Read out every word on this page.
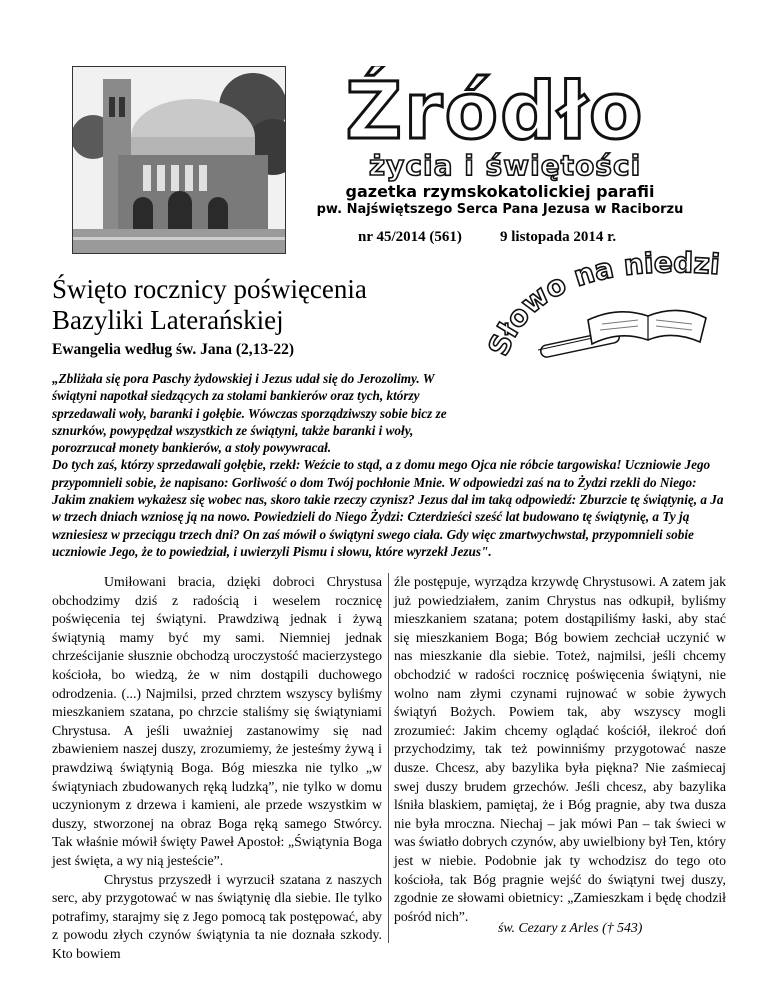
Źródło
życia i świętości
gazetka rzymskokatolickiej parafii
pw. Najświętszego Serca Pana Jezusa w Raciborzu
nr 45/2014 (561)	9 listopada 2014 r.
Święto rocznicy poświęcenia
Bazyliki Laterańskiej
Ewangelia według św. Jana (2,13-22)	Słowo na niedzi
„Zbliżała się pora Paschy żydowskiej i Jezus udał się do Jerozolimy. W świątyni napotkał siedzących za stołami bankierów oraz tych, którzy sprzedawali woły, baranki i gołębie. Wówczas sporządziwszy sobie bicz ze sznurków, powypędzał wszystkich ze świątyni, także baranki i woły, porozrzucał monety bankierów, a stoły powywracał.
Do tych zaś, którzy sprzedawali gołębie, rzekł: Weźcie to stąd, a z domu mego Ojca nie róbcie targowiska! Uczniowie Jego przypomnieli sobie, że napisano: Gorliwość o dom Twój pochłonie Mnie. W odpowiedzi zaś na to Żydzi rzekli do Niego: Jakim znakiem wykażesz się wobec nas, skoro takie rzeczy czynisz? Jezus dał im taką odpowiedź: Zburzcie tę świątynię, a Ja w trzech dniach wzniosę ją na nowo. Powiedzieli do Niego Żydzi: Czterdzieści sześć lat budowano tę świątynię, a Ty ją wzniesiesz w przeciągu trzech dni? On zaś mówił o świątyni swego ciała. Gdy więc zmartwychwstał, przypomnieli sobie uczniowie Jego, że to powiedział, i uwierzyli Pismu i słowu, które wyrzekł Jezus".

Umiłowani bracia, dzięki dobroci Chrystusa obchodzimy dziś z radością i weselem rocznicę poświęcenia tej świątyni. Prawdziwą jednak i żywą świątynią mamy być my sami. Niemniej jednak chrześcijanie słusznie obchodzą uroczystość macierzystego kościoła, bo wiedzą, że w nim dostąpili duchowego odrodzenia. (...) Najmilsi, przed chrztem wszyscy byliśmy mieszkaniem szatana, po chrzcie staliśmy się świątyniami Chrystusa. A jeśli uważniej zastanowimy się nad zbawieniem naszej duszy, zrozumiemy, że jesteśmy żywą i prawdziwą świątynią Boga. Bóg mieszka nie tylko „w świątyniach zbudowanych ręką ludzką”, nie tylko w domu uczynionym z drzewa i kamieni, ale przede wszystkim w duszy, stworzonej na obraz Boga ręką samego Stwórcy. Tak właśnie mówił święty Paweł Apostoł: „Świątynia Boga jest święta, a wy nią jesteście”.

Chrystus przyszedł i wyrzucił szatana z naszych serc, aby przygotować w nas świątynię dla siebie. Ile tylko potrafimy, starajmy się z Jego pomocą tak postępować, aby z powodu złych czynów świątynia ta nie doznała szkody. Kto bowiem

źle postępuje, wyrządza krzywdę Chrystusowi. A zatem jak już powiedziałem, zanim Chrystus nas odkupił, byliśmy mieszkaniem szatana; potem dostąpiliśmy łaski, aby stać się mieszkaniem Boga; Bóg bowiem zechciał uczynić w nas mieszkanie dla siebie. Toteż, najmilsi, jeśli chcemy obchodzić w radości rocznicę poświęcenia świątyni, nie wolno nam złymi czynami rujnować w sobie żywych świątyń Bożych. Powiem tak, aby wszyscy mogli zrozumieć: Jakim chcemy oglądać kościół, ilekroć doń przychodzimy, tak też powinniśmy przygotować nasze dusze. Chcesz, aby bazylika była piękna? Nie zaśmiecaj swej duszy brudem grzechów. Jeśli chcesz, aby bazylika lśniła blaskiem, pamiętaj, że i Bóg pragnie, aby twa dusza nie była mroczna. Niechaj – jak mówi Pan – tak świeci w was światło dobrych czynów, aby uwielbiony był Ten, który jest w niebie. Podobnie jak ty wchodzisz do tego oto kościoła, tak Bóg pragnie wejść do świątyni twej duszy, zgodnie ze słowami obietnicy: „Zamieszkam i będę chodził pośród nich”.

św. Cezary z Arles († 543)
